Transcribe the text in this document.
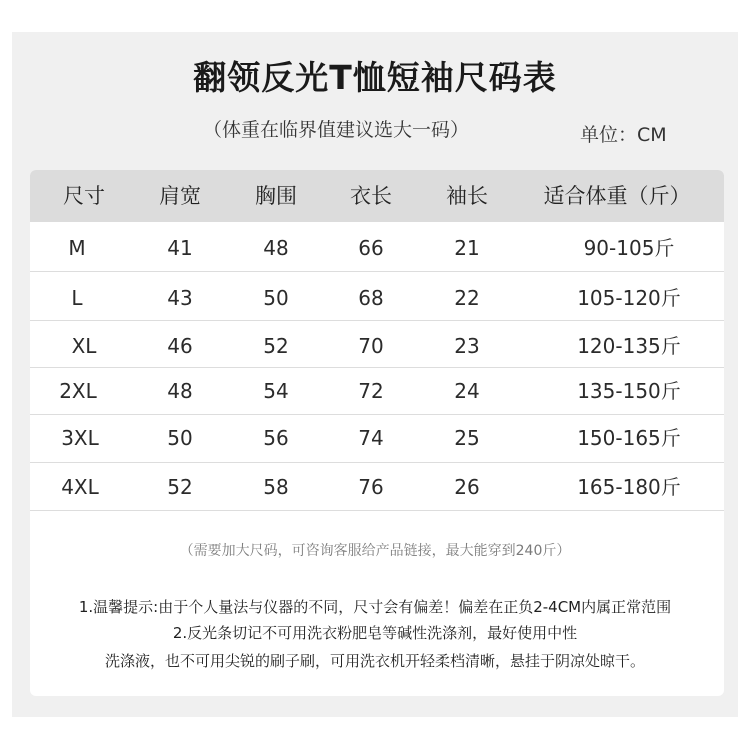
翻领反光T恤短袖尺码表
（体重在临界值建议选大一码）	单位：CM
尺寸	肩宽	胸围	衣长	袖长	适合体重（斤）
M	41	48	66	21	90-105斤
L	43	50	68	22	105-120斤
XL	46	52	70	23	120-135斤
2XL	48	54	72	24	135-150斤
3XL	50	56	74	25	150-165斤
4XL	52	58	76	26	165-180斤
（需要加大尺码，可咨询客服给产品链接，最大能穿到240斤）
1.温馨提示:由于个人量法与仪器的不同，尺寸会有偏差！偏差在正负2-4CM内属正常范围
2.反光条切记不可用洗衣粉肥皂等碱性洗涤剂，最好使用中性
洗涤液，也不可用尖锐的刷子刷，可用洗衣机开轻柔档清晰，悬挂于阴凉处晾干。
